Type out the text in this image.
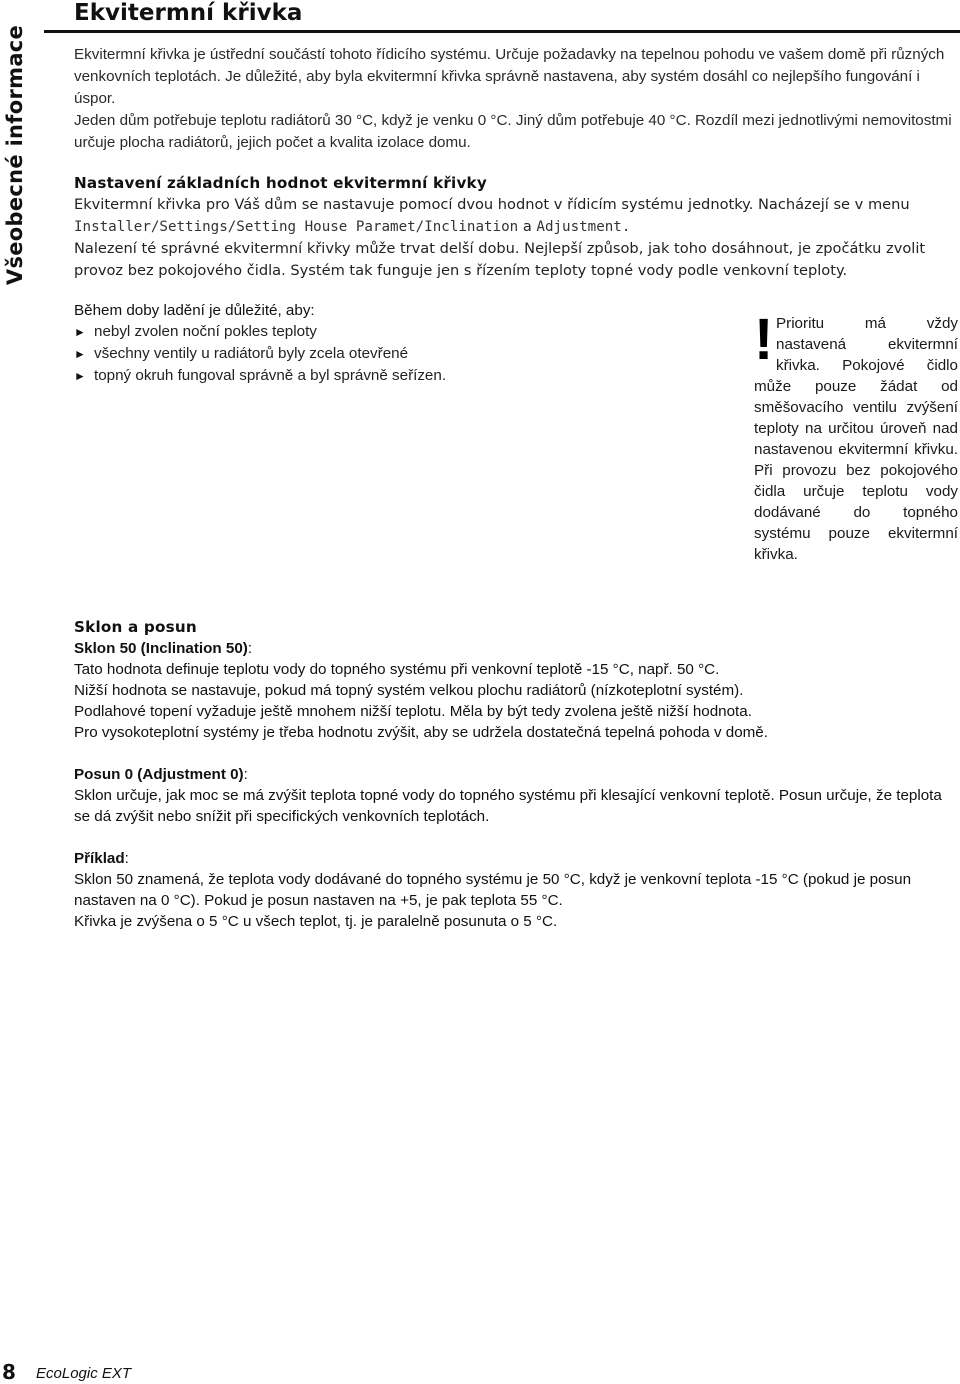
Všeobecné informace
Ekvitermní křivka

Ekvitermní křivka je ústřední součástí tohoto řídicího systému. Určuje požadavky na tepelnou pohodu ve vašem domě při různých venkovních teplotách. Je důležité, aby byla ekvitermní křivka správně nastavena, aby systém dosáhl co nejlepšího fungování i úspor.

Jeden dům potřebuje teplotu radiátorů 30 °C, když je venku 0 °C. Jiný dům potřebuje 40 °C. Rozdíl mezi jednotlivými nemovitostmi určuje plocha radiátorů, jejich počet a kvalita izolace domu.

Nastavení základních hodnot ekvitermní křivky

Ekvitermní křivka pro Váš dům se nastavuje pomocí dvou hodnot v řídicím systému jednotky. Nacházejí se v menu Installer/Settings/Setting House Paramet/Inclination a Adjustment.

Nalezení té správné ekvitermní křivky může trvat delší dobu. Nejlepší způsob, jak toho dosáhnout, je zpočátku zvolit provoz bez pokojového čidla. Systém tak funguje jen s řízením teploty topné vody podle venkovní teploty.

Během doby ladění je důležité, aby:

► nebyl zvolen noční pokles teploty
► všechny ventily u radiátorů byly zcela otevřené
► topný okruh fungoval správně a byl správně seřízen.
! Prioritu má vždy nastavená ekvitermní křivka. Pokojové čidlo může pouze žádat od směšovacího ventilu zvýšení teploty na určitou úroveň nad nastavenou ekvitermní křivku. Při provozu bez pokojového čidla určuje teplotu vody dodávané do topného systému pouze ekvitermní křivka.

Sklon a posun

Sklon 50 (Inclination 50):

Tato hodnota definuje teplotu vody do topného systému při venkovní teplotě -15 °C, např. 50 °C.

Nižší hodnota se nastavuje, pokud má topný systém velkou plochu radiátorů (nízkoteplotní systém).

Podlahové topení vyžaduje ještě mnohem nižší teplotu. Měla by být tedy zvolena ještě nižší hodnota.

Pro vysokoteplotní systémy je třeba hodnotu zvýšit, aby se udržela dostatečná tepelná pohoda v domě.

Posun 0 (Adjustment 0):

Sklon určuje, jak moc se má zvýšit teplota topné vody do topného systému při klesající venkovní teplotě. Posun určuje, že teplota se dá zvýšit nebo snížit při specifických venkovních teplotách.

Příklad:

Sklon 50 znamená, že teplota vody dodávané do topného systému je 50 °C, když je venkovní teplota -15 °C (pokud je posun nastaven na 0 °C). Pokud je posun nastaven na +5, je pak teplota 55 °C.

Křivka je zvýšena o 5 °C u všech teplot, tj. je paralelně posunuta o 5 °C.

8 EcoLogic EXT
